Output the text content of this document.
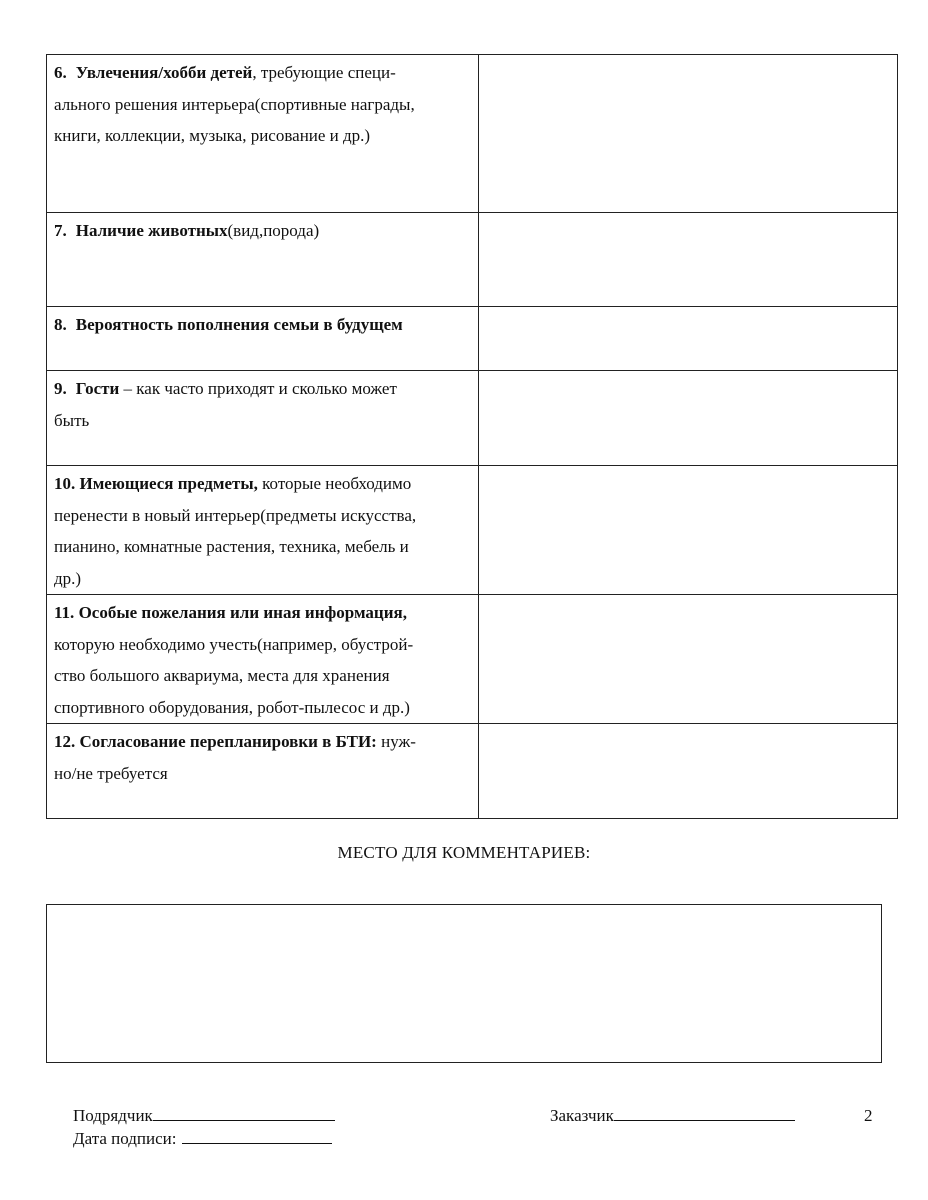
6. Увлечения/хобби детей, требующие специ-
ального решения интерьера(спортивные награды,
книги, коллекции, музыка, рисование и др.)	
7. Наличие животных(вид,порода)	
8. Вероятность пополнения семьи в будущем	
9. Гости – как часто приходят и сколько может
быть	
10. Имеющиеся предметы, которые необходимо
перенести в новый интерьер(предметы искусства,
пианино, комнатные растения, техника, мебель и
др.)	
11. Особые пожелания или иная информация,
которую необходимо учесть(например, обустрой-
ство большого аквариума, места для хранения
спортивного оборудования, робот-пылесос и др.)	
12. Согласование перепланировки в БТИ: нуж-
но/не требуется	
МЕСТО ДЛЯ КОММЕНТАРИЕВ:
Подрядчик
Дата подписи:
Заказчик	2
